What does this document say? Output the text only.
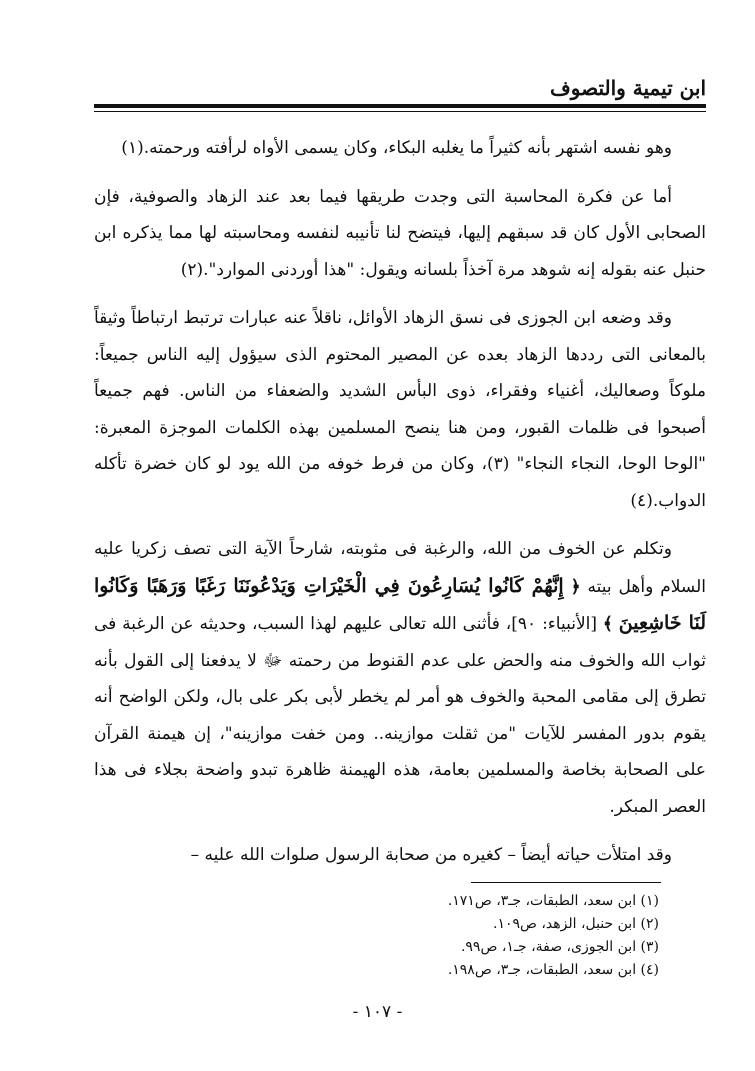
ابن تيمية والتصوف

وهو نفسه اشتهر بأنه كثيراً ما يغلبه البكاء، وكان يسمى الأواه لرأفته ورحمته.(١)

أما عن فكرة المحاسبة التى وجدت طريقها فيما بعد عند الزهاد والصوفية، فإن الصحابى الأول كان قد سبقهم إليها، فيتضح لنا تأنيبه لنفسه ومحاسبته لها مما يذكره ابن حنبل عنه بقوله إنه شوهد مرة آخذاً بلسانه ويقول: "هذا أوردنى الموارد".(٢)

وقد وضعه ابن الجوزى فى نسق الزهاد الأوائل، ناقلاً عنه عبارات ترتبط ارتباطاً وثيقاً بالمعانى التى رددها الزهاد بعده عن المصير المحتوم الذى سيؤول إليه الناس جميعاً: ملوكاً وصعاليك، أغنياء وفقراء، ذوى البأس الشديد والضعفاء من الناس. فهم جميعاً أصبحوا فى ظلمات القبور، ومن هنا ينصح المسلمين بهذه الكلمات الموجزة المعبرة: "الوحا الوحا، النجاء النجاء" (٣)، وكان من فرط خوفه من الله يود لو كان خضرة تأكله الدواب.(٤)

وتكلم عن الخوف من الله، والرغبة فى مثوبته، شارحاً الآية التى تصف زكريا عليه السلام وأهل بيته ﴿ إِنَّهُمْ كَانُوا يُسَارِعُونَ فِي الْخَيْرَاتِ وَيَدْعُونَنَا رَغَبًا وَرَهَبًا وَكَانُوا لَنَا خَاشِعِينَ ﴾ [الأنبياء: ٩٠]، فأثنى الله تعالى عليهم لهذا السبب، وحديثه عن الرغبة فى ثواب الله والخوف منه والحض على عدم القنوط من رحمته ﷻ لا يدفعنا إلى القول بأنه تطرق إلى مقامى المحبة والخوف هو أمر لم يخطر لأبى بكر على بال، ولكن الواضح أنه يقوم بدور المفسر للآيات "من ثقلت موازينه.. ومن خفت موازينه"، إن هيمنة القرآن على الصحابة بخاصة والمسلمين بعامة، هذه الهيمنة ظاهرة تبدو واضحة بجلاء فى هذا العصر المبكر.

وقد امتلأت حياته أيضاً – كغيره من صحابة الرسول صلوات الله عليه –

(١) ابن سعد، الطبقات، جـ٣، ص١٧١.

(٢) ابن حنبل، الزهد، ص١٠٩.

(٣) ابن الجوزى، صفة، جـ١، ص٩٩.

(٤) ابن سعد، الطبقات، جـ٣، ص١٩٨.

- ١٠٧ -
